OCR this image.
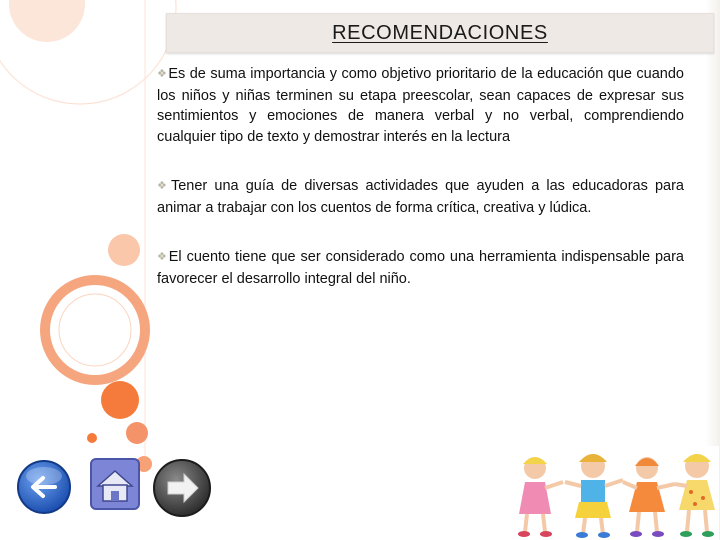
RECOMENDACIONES
❖Es de suma importancia y como objetivo prioritario de la educación que cuando los niños y niñas terminen su etapa preescolar, sean capaces de expresar sus sentimientos y emociones de manera verbal y no verbal, comprendiendo cualquier tipo de texto y demostrar interés en la lectura
❖Tener una guía de diversas actividades que ayuden a las educadoras para animar a trabajar con los cuentos de forma crítica, creativa y lúdica.
❖El cuento tiene que ser considerado como una herramienta indispensable para favorecer el desarrollo integral del niño.
